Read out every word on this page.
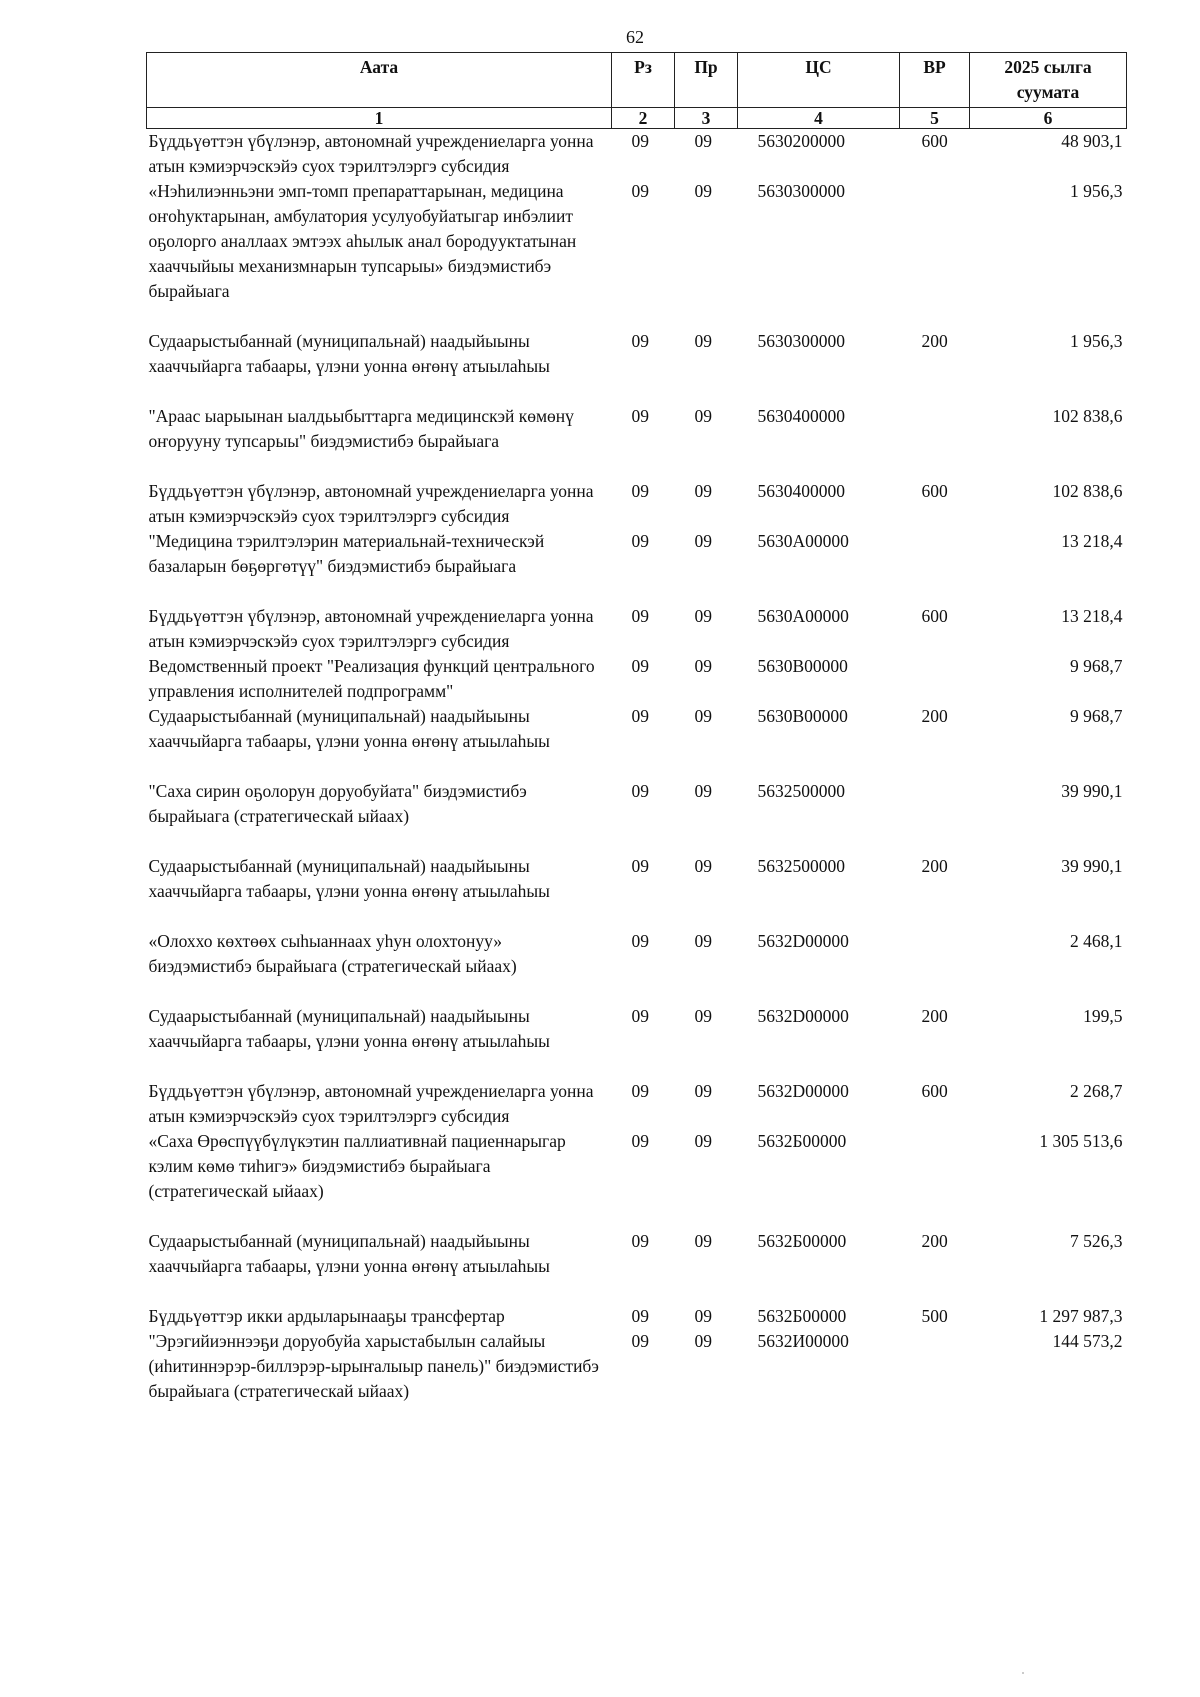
62
Аата	Рз	Пр	ЦС	ВР	2025 сылга суумата
1	2	3	4	5	6
Бүддьүөттэн үбүлэнэр, автономнай учреждениеларга уонна атын кэмиэрчэскэйэ суох тэрилтэлэргэ субсидия	09	09	5630200000	600	48 903,1
«Нэһилиэнньэни эмп-томп препараттарынан, медицина оҥоһуктарынан, амбулатория усулуобуйатыгар инбэлиит оҕолорго аналлаах эмтээх аһылык анал бородууктатынан хааччыйыы механизмнарын тупсарыы» биэдэмистибэ бырайыага	09	09	5630300000		1 956,3
Судаарыстыбаннай (муниципальнай) наадыйыыны хааччыйарга табаары, үлэни уонна өҥөнү атыылаһыы	09	09	5630300000	200	1 956,3
"Араас ыарыынан ыалдьыбыттарга медицинскэй көмөнү оҥорууну тупсарыы" биэдэмистибэ бырайыага	09	09	5630400000		102 838,6
Бүддьүөттэн үбүлэнэр, автономнай учреждениеларга уонна атын кэмиэрчэскэйэ суох тэрилтэлэргэ субсидия	09	09	5630400000	600	102 838,6
"Медицина тэрилтэлэрин материальнай-техническэй базаларын бөҕөргөтүү" биэдэмистибэ бырайыага	09	09	5630А00000		13 218,4
Бүддьүөттэн үбүлэнэр, автономнай учреждениеларга уонна атын кэмиэрчэскэйэ суох тэрилтэлэргэ субсидия	09	09	5630А00000	600	13 218,4
Ведомственный проект "Реализация функций центрального управления исполнителей подпрограмм"	09	09	5630В00000		9 968,7
Судаарыстыбаннай (муниципальнай) наадыйыыны хааччыйарга табаары, үлэни уонна өҥөнү атыылаһыы	09	09	5630В00000	200	9 968,7
"Саха сирин оҕолорун доруобуйата" биэдэмистибэ бырайыага (стратегическай ыйаах)	09	09	5632500000		39 990,1
Судаарыстыбаннай (муниципальнай) наадыйыыны хааччыйарга табаары, үлэни уонна өҥөнү атыылаһыы	09	09	5632500000	200	39 990,1
«Олоххо көхтөөх сыһыаннаах уһун олохтонуу» биэдэмистибэ бырайыага (стратегическай ыйаах)	09	09	5632D00000		2 468,1
Судаарыстыбаннай (муниципальнай) наадыйыыны хааччыйарга табаары, үлэни уонна өҥөнү атыылаһыы	09	09	5632D00000	200	199,5
Бүддьүөттэн үбүлэнэр, автономнай учреждениеларга уонна атын кэмиэрчэскэйэ суох тэрилтэлэргэ субсидия	09	09	5632D00000	600	2 268,7
«Саха Өрөспүүбүлүкэтин паллиативнай пациеннарыгар кэлим көмө тиһигэ» биэдэмистибэ бырайыага (стратегическай ыйаах)	09	09	5632Б00000		1 305 513,6
Судаарыстыбаннай (муниципальнай) наадыйыыны хааччыйарга табаары, үлэни уонна өҥөнү атыылаһыы	09	09	5632Б00000	200	7 526,3
Бүддьүөттэр икки ардыларынааҕы трансфертар	09	09	5632Б00000	500	1 297 987,3
"Эрэгийиэннээҕи доруобуйа харыстабылын салайыы (иһитиннэрэр-биллэрэр-ырыҥалыыр панель)" биэдэмистибэ бырайыага (стратегическай ыйаах)	09	09	5632И00000		144 573,2
